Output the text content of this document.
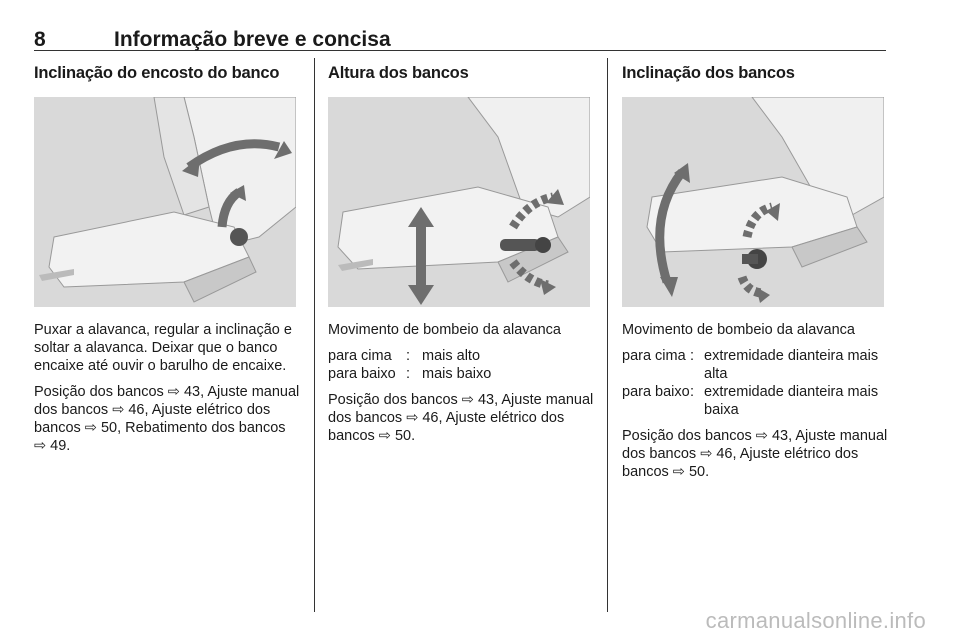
8	Informação breve e concisa
Inclinação do encosto do banco

Puxar a alavanca, regular a inclinação e soltar a alavanca. Deixar que o banco encaixe até ouvir o barulho de encaixe.

Posição dos bancos ⇨ 43, Ajuste manual dos bancos ⇨ 46, Ajuste elétrico dos bancos ⇨ 50, Rebatimento dos bancos ⇨ 49.

Altura dos bancos

Movimento de bombeio da alavanca

para cima	:	mais alto
para baixo	:	mais baixo

Posição dos bancos ⇨ 43, Ajuste manual dos bancos ⇨ 46, Ajuste elétrico dos bancos ⇨ 50.

Inclinação dos bancos

Movimento de bombeio da alavanca

para cima	:	extremidade dianteira mais alta
para baixo	:	extremidade dianteira mais baixa

Posição dos bancos ⇨ 43, Ajuste manual dos bancos ⇨ 46, Ajuste elétrico dos bancos ⇨ 50.

carmanualsonline.info
